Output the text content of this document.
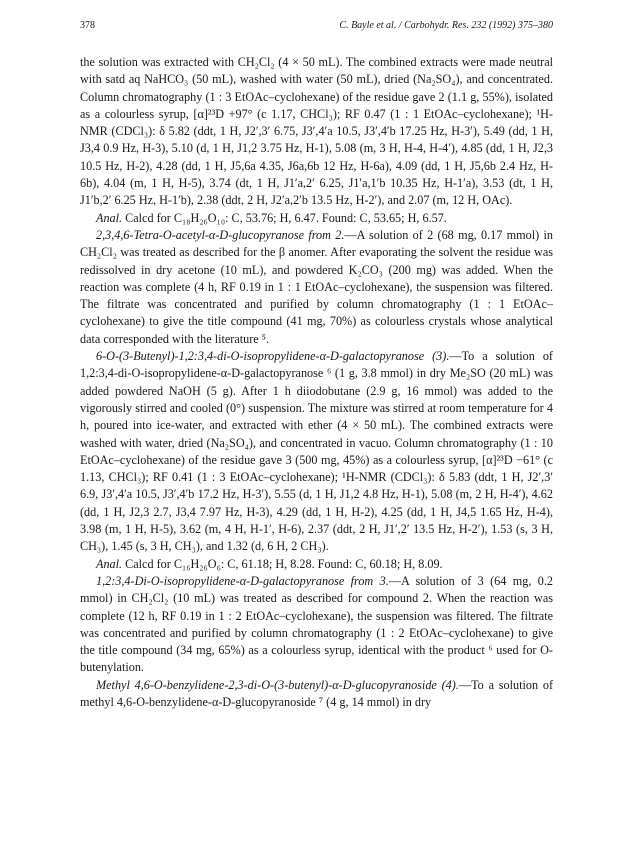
378	C. Bayle et al. / Carbohydr. Res. 232 (1992) 375–380

the solution was extracted with CH₂Cl₂ (4 × 50 mL). The combined extracts were made neutral with satd aq NaHCO₃ (50 mL), washed with water (50 mL), dried (Na₂SO₄), and concentrated. Column chromatography (1 : 3 EtOAc–cyclohexane) of the residue gave 2 (1.1 g, 55%), isolated as a colourless syrup, [α]²³D +97° (c 1.17, CHCl₃); RF 0.47 (1 : 1 EtOAc–cyclohexane); ¹H-NMR (CDCl₃): δ 5.82 (ddt, 1 H, J2′,3′ 6.75, J3′,4′a 10.5, J3′,4′b 17.25 Hz, H-3′), 5.49 (dd, 1 H, J3,4 0.9 Hz, H-3), 5.10 (d, 1 H, J1,2 3.75 Hz, H-1), 5.08 (m, 3 H, H-4, H-4′), 4.85 (dd, 1 H, J2,3 10.5 Hz, H-2), 4.28 (dd, 1 H, J5,6a 4.35, J6a,6b 12 Hz, H-6a), 4.09 (dd, 1 H, J5,6b 2.4 Hz, H-6b), 4.04 (m, 1 H, H-5), 3.74 (dt, 1 H, J1′a,2′ 6.25, J1′a,1′b 10.35 Hz, H-1′a), 3.53 (dt, 1 H, J1′b,2′ 6.25 Hz, H-1′b), 2.38 (ddt, 2 H, J2′a,2′b 13.5 Hz, H-2′), and 2.07 (m, 12 H, OAc).

Anal. Calcd for C₁₈H₂₆O₁₀: C, 53.76; H, 6.47. Found: C, 53.65; H, 6.57.

2,3,4,6-Tetra-O-acetyl-α-D-glucopyranose from 2.—A solution of 2 (68 mg, 0.17 mmol) in CH₂Cl₂ was treated as described for the β anomer. After evaporating the solvent the residue was redissolved in dry acetone (10 mL), and powdered K₂CO₃ (200 mg) was added. When the reaction was complete (4 h, RF 0.19 in 1 : 1 EtOAc–cyclohexane), the suspension was filtered. The filtrate was concentrated and purified by column chromatography (1 : 1 EtOAc–cyclohexane) to give the title compound (41 mg, 70%) as colourless crystals whose analytical data corresponded with the literature ⁵.

6-O-(3-Butenyl)-1,2:3,4-di-O-isopropylidene-α-D-galactopyranose (3).—To a solution of 1,2:3,4-di-O-isopropylidene-α-D-galactopyranose ⁶ (1 g, 3.8 mmol) in dry Me₂SO (20 mL) was added powdered NaOH (5 g). After 1 h diiodobutane (2.9 g, 16 mmol) was added to the vigorously stirred and cooled (0°) suspension. The mixture was stirred at room temperature for 4 h, poured into ice-water, and extracted with ether (4 × 50 mL). The combined extracts were washed with water, dried (Na₂SO₄), and concentrated in vacuo. Column chromatography (1 : 10 EtOAc–cyclohexane) of the residue gave 3 (500 mg, 45%) as a colourless syrup, [α]²³D −61° (c 1.13, CHCl₃); RF 0.41 (1 : 3 EtOAc–cyclohexane); ¹H-NMR (CDCl₃): δ 5.83 (ddt, 1 H, J2′,3′ 6.9, J3′,4′a 10.5, J3′,4′b 17.2 Hz, H-3′), 5.55 (d, 1 H, J1,2 4.8 Hz, H-1), 5.08 (m, 2 H, H-4′), 4.62 (dd, 1 H, J2,3 2.7, J3,4 7.97 Hz, H-3), 4.29 (dd, 1 H, H-2), 4.25 (dd, 1 H, J4,5 1.65 Hz, H-4), 3.98 (m, 1 H, H-5), 3.62 (m, 4 H, H-1′, H-6), 2.37 (ddt, 2 H, J1′,2′ 13.5 Hz, H-2′), 1.53 (s, 3 H, CH₃), 1.45 (s, 3 H, CH₃), and 1.32 (d, 6 H, 2 CH₃).

Anal. Calcd for C₁₆H₂₆O₆: C, 61.18; H, 8.28. Found: C, 60.18; H, 8.09.

1,2:3,4-Di-O-isopropylidene-α-D-galactopyranose from 3.—A solution of 3 (64 mg, 0.2 mmol) in CH₂Cl₂ (10 mL) was treated as described for compound 2. When the reaction was complete (12 h, RF 0.19 in 1 : 2 EtOAc–cyclohexane), the suspension was filtered. The filtrate was concentrated and purified by column chromatography (1 : 2 EtOAc–cyclohexane) to give the title compound (34 mg, 65%) as a colourless syrup, identical with the product ⁶ used for O-butenylation.

Methyl 4,6-O-benzylidene-2,3-di-O-(3-butenyl)-α-D-glucopyranoside (4).—To a solution of methyl 4,6-O-benzylidene-α-D-glucopyranoside ⁷ (4 g, 14 mmol) in dry
